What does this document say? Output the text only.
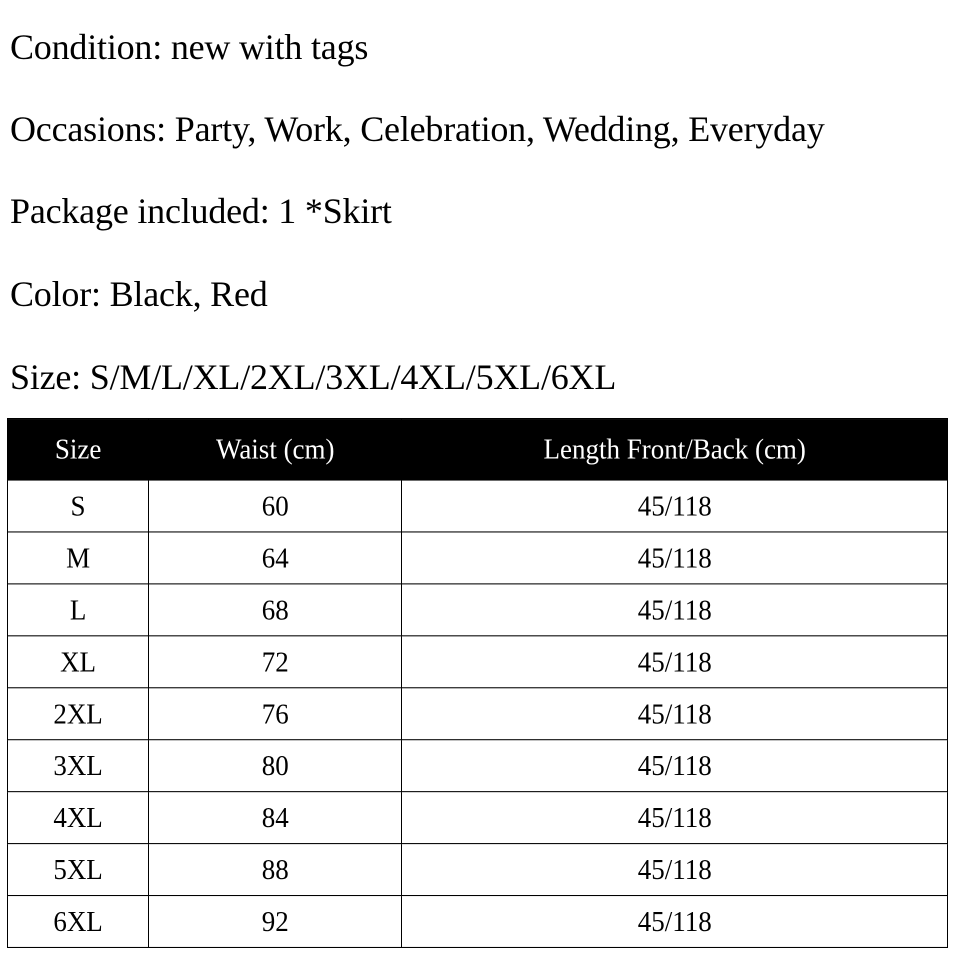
Condition: new with tags

Occasions: Party, Work, Celebration, Wedding, Everyday

Package included: 1 *Skirt

Color: Black, Red

Size: S/M/L/XL/2XL/3XL/4XL/5XL/6XL

Size	Waist (cm)	Length Front/Back (cm)
S	60	45/118
M	64	45/118
L	68	45/118
XL	72	45/118
2XL	76	45/118
3XL	80	45/118
4XL	84	45/118
5XL	88	45/118
6XL	92	45/118
